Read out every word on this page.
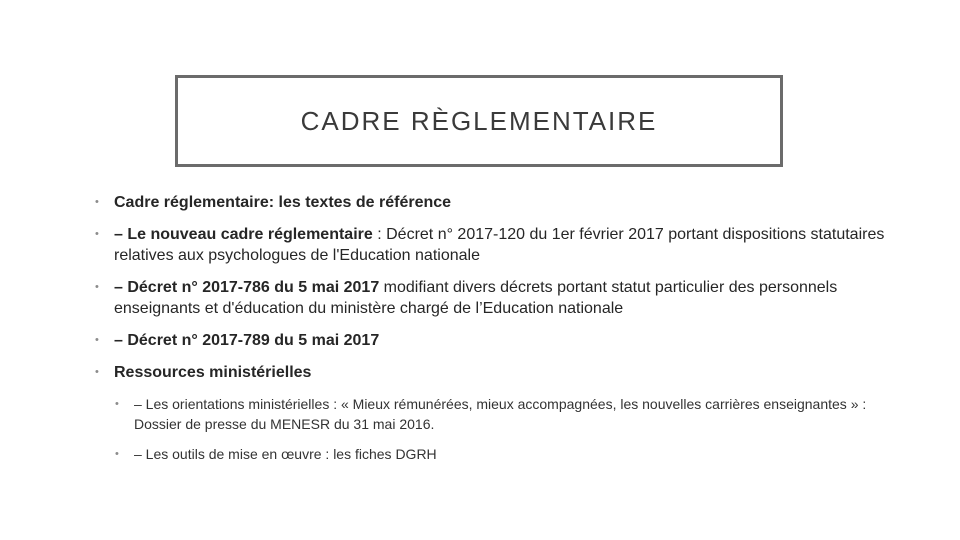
CADRE RÈGLEMENTAIRE
• Cadre réglementaire: les textes de référence
• – Le nouveau cadre réglementaire : Décret n° 2017-120 du 1er février 2017 portant dispositions statutaires relatives aux psychologues de l'Education nationale
• – Décret n° 2017-786 du 5 mai 2017 modifiant divers décrets portant statut particulier des personnels enseignants et d'éducation du ministère chargé de l’Education nationale
• – Décret n° 2017-789 du 5 mai 2017
• Ressources ministérielles
• – Les orientations ministérielles : « Mieux rémunérées, mieux accompagnées, les nouvelles carrières enseignantes » : Dossier de presse du MENESR du 31 mai 2016.
• – Les outils de mise en œuvre : les fiches DGRH
